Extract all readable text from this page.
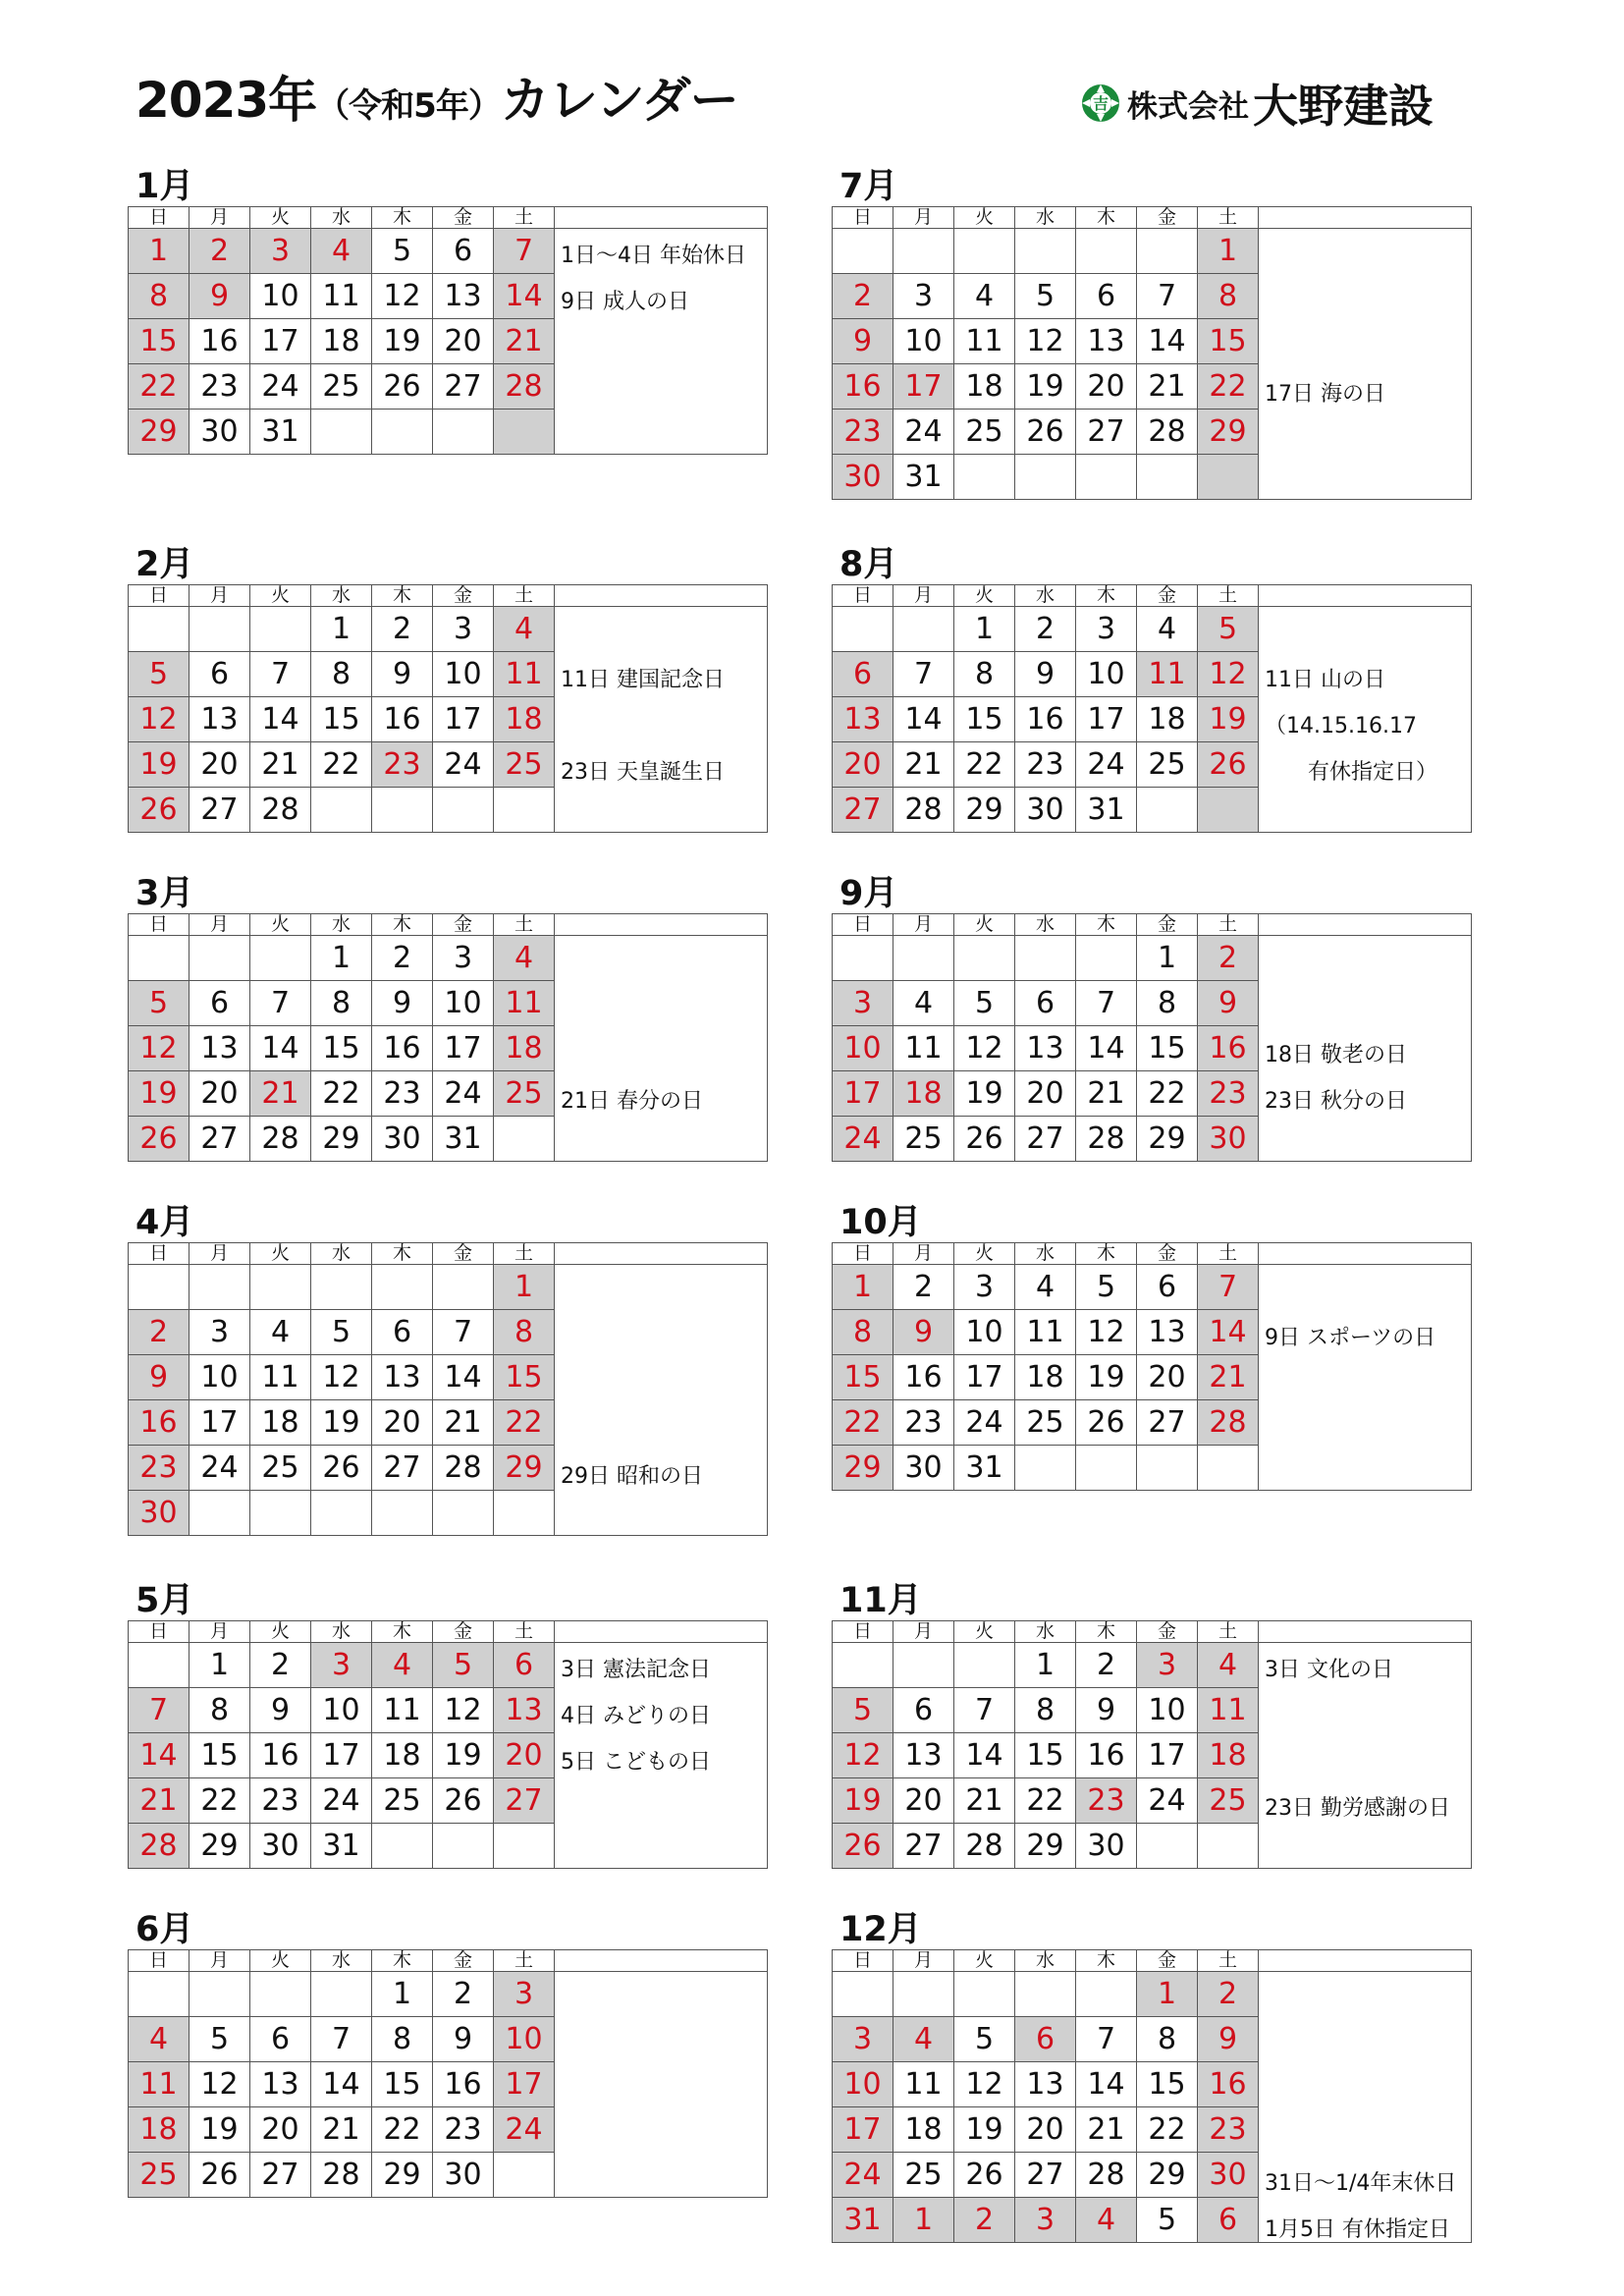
2023年（令和5年）カレンダー	吉 株式会社 大野建設
1月
日	月	火	水	木	金	土	
1	2	3	4	5	6	7	1日〜4日 年始休日
9日 成人の日

8	9	10	11	12	13	14	
15	16	17	18	19	20	21	
22	23	24	25	26	27	28	
29	30	31					
2月
日	月	火	水	木	金	土	
			1	2	3	4	11日 建国記念日
23日 天皇誕生日

5	6	7	8	9	10	11	
12	13	14	15	16	17	18	
19	20	21	22	23	24	25	
26	27	28					
3月
日	月	火	水	木	金	土	
			1	2	3	4	21日 春分の日

5	6	7	8	9	10	11	
12	13	14	15	16	17	18	
19	20	21	22	23	24	25	
26	27	28	29	30	31		
4月
日	月	火	水	木	金	土	
						1	29日 昭和の日

2	3	4	5	6	7	8	
9	10	11	12	13	14	15	
16	17	18	19	20	21	22	
23	24	25	26	27	28	29	
30							
5月
日	月	火	水	木	金	土	
	1	2	3	4	5	6	3日 憲法記念日
4日 みどりの日
5日 こどもの日

7	8	9	10	11	12	13	
14	15	16	17	18	19	20	
21	22	23	24	25	26	27	
28	29	30	31				
6月
日	月	火	水	木	金	土	
				1	2	3	
4	5	6	7	8	9	10	
11	12	13	14	15	16	17	
18	19	20	21	22	23	24	
25	26	27	28	29	30		
7月
日	月	火	水	木	金	土	
						1	17日 海の日

2	3	4	5	6	7	8	
9	10	11	12	13	14	15	
16	17	18	19	20	21	22	
23	24	25	26	27	28	29	
30	31						
8月
日	月	火	水	木	金	土	
		1	2	3	4	5	11日 山の日
（14.15.16.17
　　有休指定日）

6	7	8	9	10	11	12	
13	14	15	16	17	18	19	
20	21	22	23	24	25	26	
27	28	29	30	31			
9月
日	月	火	水	木	金	土	
					1	2	18日 敬老の日
23日 秋分の日

3	4	5	6	7	8	9	
10	11	12	13	14	15	16	
17	18	19	20	21	22	23	
24	25	26	27	28	29	30	
10月
日	月	火	水	木	金	土	
1	2	3	4	5	6	7	9日 スポーツの日

8	9	10	11	12	13	14	
15	16	17	18	19	20	21	
22	23	24	25	26	27	28	
29	30	31					
11月
日	月	火	水	木	金	土	
			1	2	3	4	3日 文化の日
23日 勤労感謝の日

5	6	7	8	9	10	11	
12	13	14	15	16	17	18	
19	20	21	22	23	24	25	
26	27	28	29	30			
12月
日	月	火	水	木	金	土	
					1	2	31日〜1/4年末休日
1月5日 有休指定日

3	4	5	6	7	8	9	
10	11	12	13	14	15	16	
17	18	19	20	21	22	23	
24	25	26	27	28	29	30	
31	1	2	3	4	5	6	
